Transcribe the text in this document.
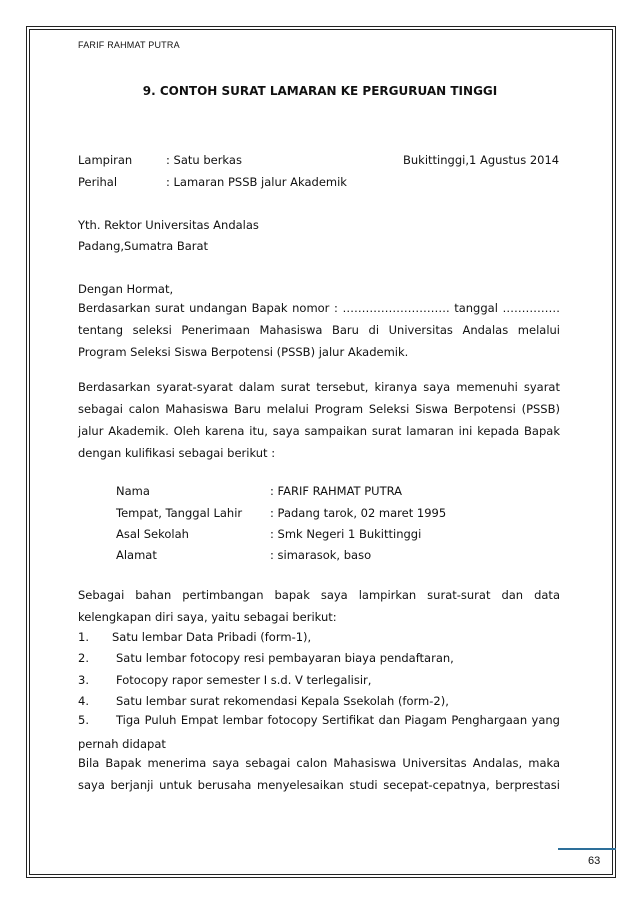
FARIF RAHMAT PUTRA
9. CONTOH SURAT LAMARAN KE PERGURUAN TINGGI
Lampiran	: Satu berkas	Bukittinggi,1 Agustus 2014
Perihal	: Lamaran PSSB jalur Akademik
Yth. Rektor Universitas Andalas
Padang,Sumatra Barat
Dengan Hormat,
Berdasarkan surat undangan Bapak nomor : ………………………. tanggal ……………
tentang seleksi Penerimaan Mahasiswa Baru di Universitas Andalas melalui
Program Seleksi Siswa Berpotensi (PSSB) jalur Akademik.
Berdasarkan syarat-syarat dalam surat tersebut, kiranya saya memenuhi syarat
sebagai calon Mahasiswa Baru melalui Program Seleksi Siswa Berpotensi (PSSB)
jalur Akademik. Oleh karena itu, saya sampaikan surat lamaran ini kepada Bapak
dengan kulifikasi sebagai berikut :
Nama	: FARIF RAHMAT PUTRA
Tempat, Tanggal Lahir : Padang tarok, 02 maret 1995
Asal Sekolah	: Smk Negeri 1 Bukittinggi
Alamat	: simarasok, baso
Sebagai bahan pertimbangan bapak saya lampirkan surat-surat dan data
kelengkapan diri saya, yaitu sebagai berikut:
1. Satu lembar Data Pribadi (form-1),
2. Satu lembar fotocopy resi pembayaran biaya pendaftaran,
3. Fotocopy rapor semester I s.d. V terlegalisir,
4. Satu lembar surat rekomendasi Kepala Ssekolah (form-2),
5. Tiga Puluh Empat lembar fotocopy Sertifikat dan Piagam Penghargaan yang
pernah didapat
Bila Bapak menerima saya sebagai calon Mahasiswa Universitas Andalas, maka
saya berjanji untuk berusaha menyelesaikan studi secepat-cepatnya, berprestasi
63
